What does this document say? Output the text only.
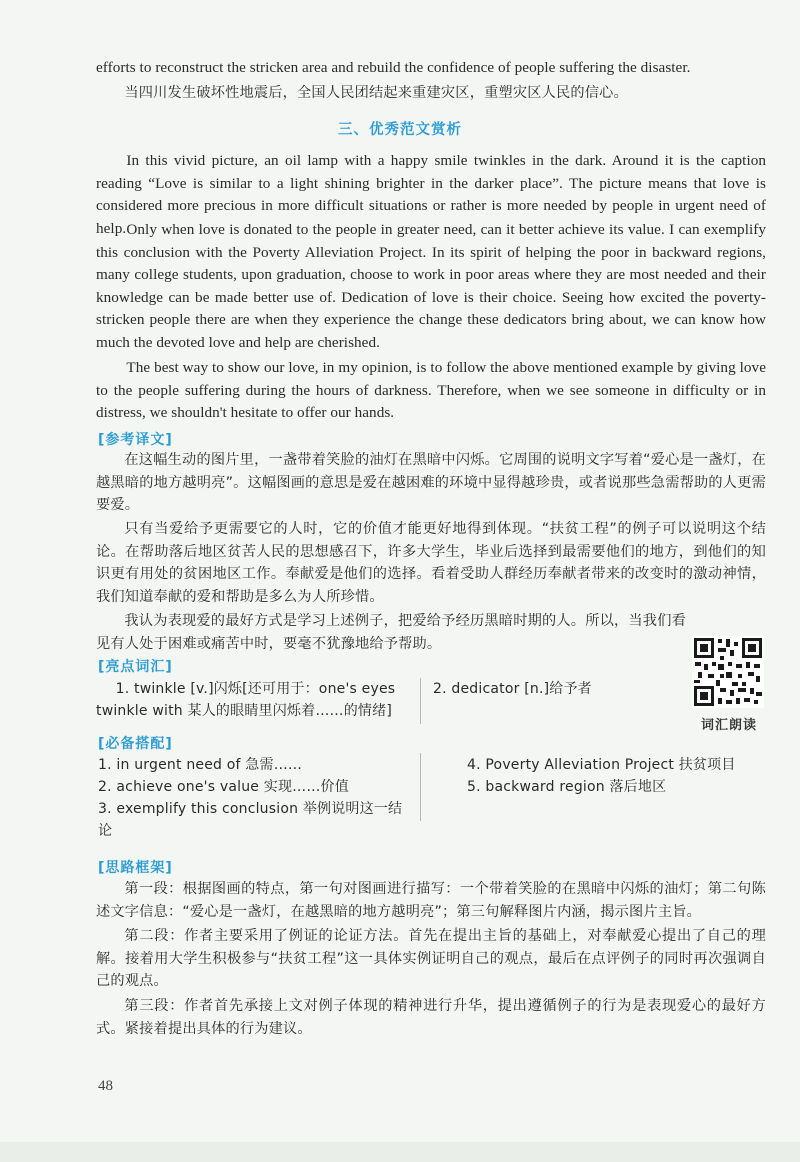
efforts to reconstruct the stricken area and rebuild the confidence of people suffering the disaster.

当四川发生破坏性地震后，全国人民团结起来重建灾区，重塑灾区人民的信心。

三、优秀范文赏析

In this vivid picture, an oil lamp with a happy smile twinkles in the dark. Around it is the caption reading “Love is similar to a light shining brighter in the darker place”. The picture means that love is considered more precious in more difficult situations or rather is more needed by people in urgent need of help. Only when love is donated to the people in greater need, can it better achieve its value. I can exemplify this conclusion with the Poverty Alleviation Project. In its spirit of helping the poor in backward regions, many college students, upon graduation, choose to work in poor areas where they are most needed and their knowledge can be made better use of. Dedication of love is their choice. Seeing how excited the poverty-stricken people there are when they experience the change these dedicators bring about, we can know how much the devoted love and help are cherished.

The best way to show our love, in my opinion, is to follow the above mentioned example by giving love to the people suffering during the hours of darkness. Therefore, when we see someone in difficulty or in distress, we shouldn't hesitate to offer our hands.

[参考译文]

在这幅生动的图片里，一盏带着笑脸的油灯在黑暗中闪烁。它周围的说明文字写着“爱心是一盏灯，在越黑暗的地方越明亮”。这幅图画的意思是爱在越困难的环境中显得越珍贵，或者说那些急需帮助的人更需要爱。

只有当爱给予更需要它的人时，它的价值才能更好地得到体现。“扶贫工程”的例子可以说明这个结论。在帮助落后地区贫苦人民的思想感召下，许多大学生，毕业后选择到最需要他们的地方，到他们的知识更有用处的贫困地区工作。奉献爱是他们的选择。看着受助人群经历奉献者带来的改变时的激动神情，我们知道奉献的爱和帮助是多么为人所珍惜。

我认为表现爱的最好方式是学习上述例子，把爱给予经历黑暗时期的人。所以，当我们看见有人处于困难或痛苦中时，要毫不犹豫地给予帮助。

[亮点词汇]

1. twinkle [v.]闪烁[还可用于：one's eyes twinkle with 某人的眼睛里闪烁着……的情绪]

2. dedicator [n.]给予者

词汇朗读
[必备搭配]
1. in urgent need of 急需……
2. achieve one's value 实现……价值
3. exemplify this conclusion 举例说明这一结论
4. Poverty Alleviation Project 扶贫项目
5. backward region 落后地区
[思路框架]

第一段：根据图画的特点，第一句对图画进行描写：一个带着笑脸的在黑暗中闪烁的油灯；第二句陈述文字信息：“爱心是一盏灯，在越黑暗的地方越明亮”；第三句解释图片内涵，揭示图片主旨。

第二段：作者主要采用了例证的论证方法。首先在提出主旨的基础上，对奉献爱心提出了自己的理解。接着用大学生积极参与“扶贫工程”这一具体实例证明自己的观点，最后在点评例子的同时再次强调自己的观点。

第三段：作者首先承接上文对例子体现的精神进行升华，提出遵循例子的行为是表现爱心的最好方式。紧接着提出具体的行为建议。

48
